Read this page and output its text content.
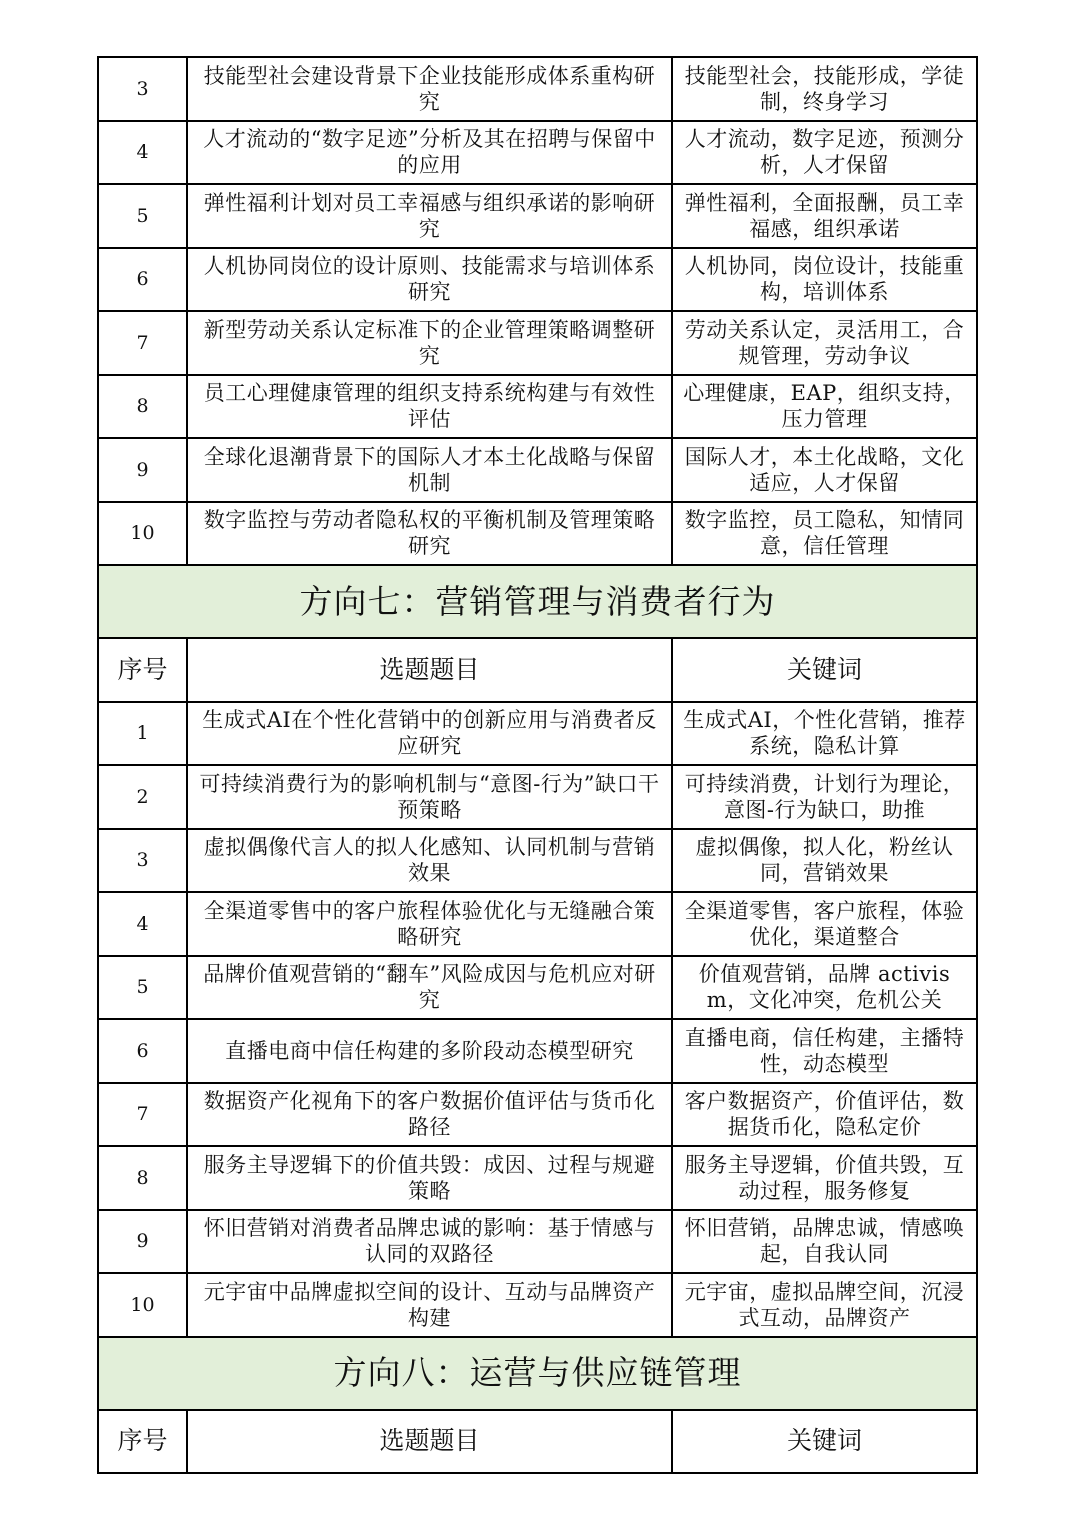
3	技能型社会建设背景下企业技能形成体系重构研究	技能型社会，技能形成，学徒制，终身学习
4	人才流动的“数字足迹”分析及其在招聘与保留中的应用	人才流动，数字足迹，预测分析，人才保留
5	弹性福利计划对员工幸福感与组织承诺的影响研究	弹性福利，全面报酬，员工幸福感，组织承诺
6	人机协同岗位的设计原则、技能需求与培训体系研究	人机协同，岗位设计，技能重构，培训体系
7	新型劳动关系认定标准下的企业管理策略调整研究	劳动关系认定，灵活用工，合规管理，劳动争议
8	员工心理健康管理的组织支持系统构建与有效性评估	心理健康，EAP，组织支持，压力管理
9	全球化退潮背景下的国际人才本土化战略与保留机制	国际人才，本土化战略，文化适应，人才保留
10	数字监控与劳动者隐私权的平衡机制及管理策略研究	数字监控，员工隐私，知情同意，信任管理
方向七：营销管理与消费者行为		
序号	选题题目	关键词
1	生成式AI在个性化营销中的创新应用与消费者反应研究	生成式AI，个性化营销，推荐系统，隐私计算
2	可持续消费行为的影响机制与“意图-行为”缺口干预策略	可持续消费，计划行为理论，意图-行为缺口，助推
3	虚拟偶像代言人的拟人化感知、认同机制与营销效果	虚拟偶像，拟人化，粉丝认同，营销效果
4	全渠道零售中的客户旅程体验优化与无缝融合策略研究	全渠道零售，客户旅程，体验优化，渠道整合
5	品牌价值观营销的“翻车”风险成因与危机应对研究	价值观营销，品牌 activism，文化冲突，危机公关
6	直播电商中信任构建的多阶段动态模型研究	直播电商，信任构建，主播特性，动态模型
7	数据资产化视角下的客户数据价值评估与货币化路径	客户数据资产，价值评估，数据货币化，隐私定价
8	服务主导逻辑下的价值共毁：成因、过程与规避策略	服务主导逻辑，价值共毁，互动过程，服务修复
9	怀旧营销对消费者品牌忠诚的影响：基于情感与认同的双路径	怀旧营销，品牌忠诚，情感唤起，自我认同
10	元宇宙中品牌虚拟空间的设计、互动与品牌资产构建	元宇宙，虚拟品牌空间，沉浸式互动，品牌资产
方向八：运营与供应链管理		
序号	选题题目	关键词
